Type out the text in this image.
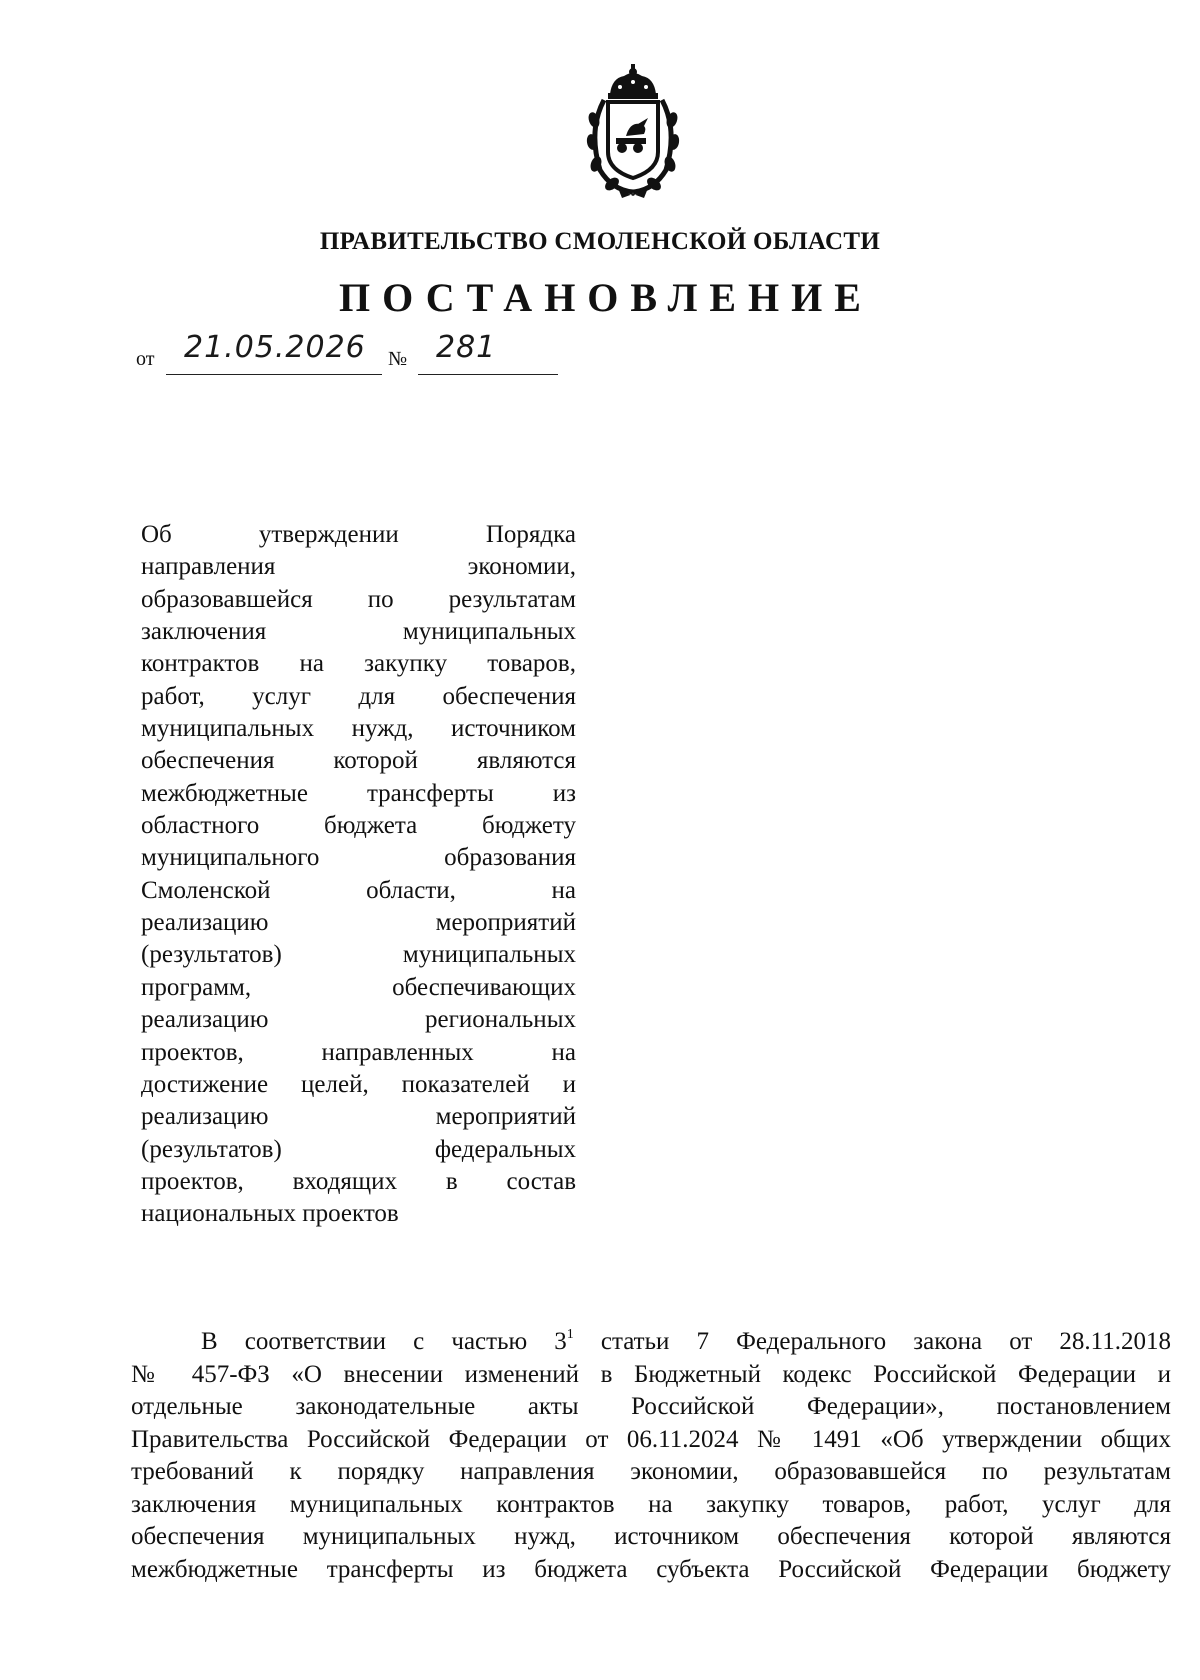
ПРАВИТЕЛЬСТВО СМОЛЕНСКОЙ ОБЛАСТИ
ПОСТАНОВЛЕНИЕ
от 21.05.2026 № 281
Об утверждении Порядка
направления экономии,
образовавшейся по результатам
заключения муниципальных
контрактов на закупку товаров,
работ, услуг для обеспечения
муниципальных нужд, источником
обеспечения которой являются
межбюджетные трансферты из
областного бюджета бюджету
муниципального образования
Смоленской области, на
реализацию мероприятий
(результатов) муниципальных
программ, обеспечивающих
реализацию региональных
проектов, направленных на
достижение целей, показателей и
реализацию мероприятий
(результатов) федеральных
проектов, входящих в состав
национальных проектов
В соответствии с частью $3^1$ статьи 7 Федерального закона от 28.11.2018
№ 457-ФЗ «О внесении изменений в Бюджетный кодекс Российской Федерации и
отдельные законодательные акты Российской Федерации», постановлением
Правительства Российской Федерации от 06.11.2024 № 1491 «Об утверждении общих
требований к порядку направления экономии, образовавшейся по результатам
заключения муниципальных контрактов на закупку товаров, работ, услуг для
обеспечения муниципальных нужд, источником обеспечения которой являются
межбюджетные трансферты из бюджета субъекта Российской Федерации бюджету
